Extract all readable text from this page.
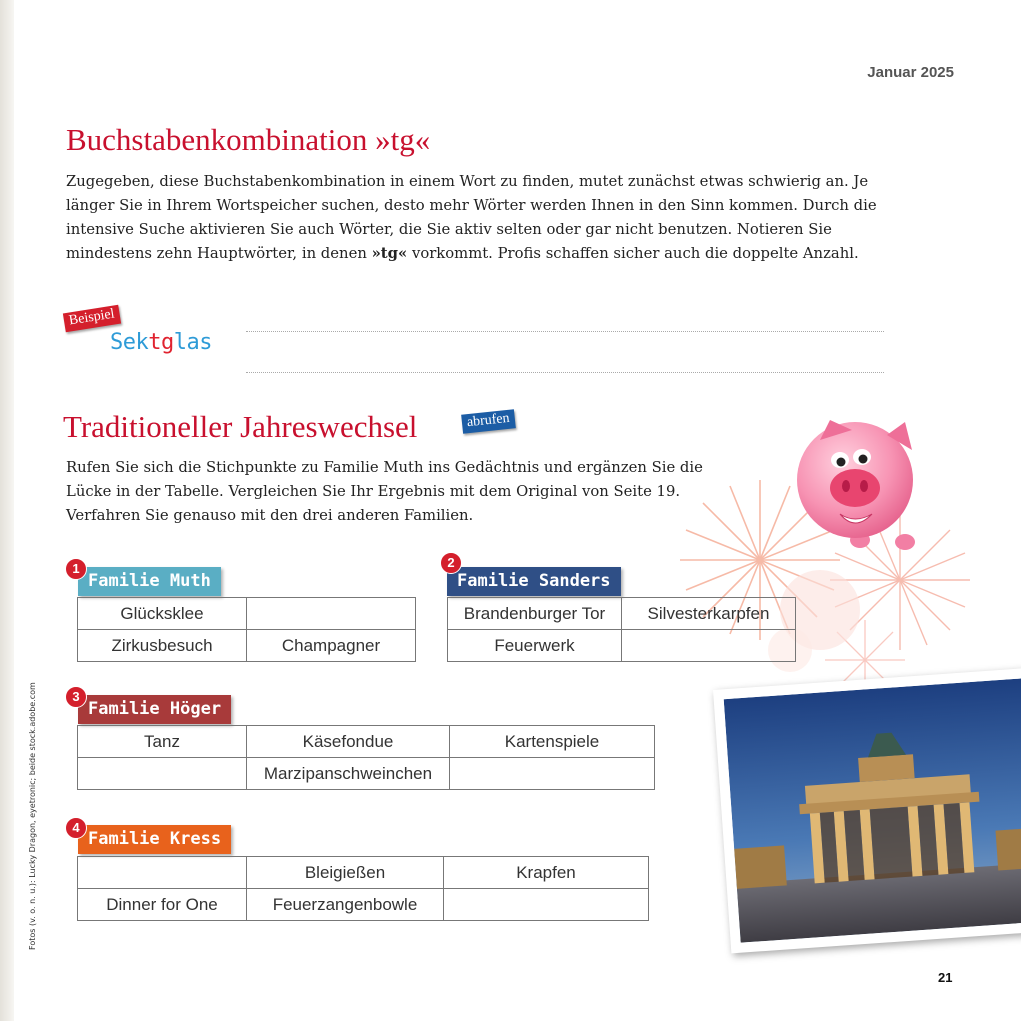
Fotos (v. o. n. u.): Lucky Dragon, eyetronic; beide stock.adobe.com
Januar 2025
Buchstabenkombination »tg«

Zugegeben, diese Buchstabenkombination in einem Wort zu finden, mutet zunächst etwas schwierig an. Je länger Sie in Ihrem Wortspeicher suchen, desto mehr Wörter werden Ihnen in den Sinn kommen. Durch die intensive Suche aktivieren Sie auch Wörter, die Sie aktiv selten oder gar nicht benutzen. Notieren Sie mindestens zehn Hauptwörter, in denen »tg« vorkommt. Profis schaffen sicher auch die doppelte Anzahl.

Beispiel
Sektglas
Traditioneller Jahreswechsel	abrufen

Rufen Sie sich die Stichpunkte zu Familie Muth ins Gedächtnis und ergänzen Sie die Lücke in der Tabelle. Vergleichen Sie Ihr Ergebnis mit dem Original von Seite 19. Verfahren Sie genauso mit den drei anderen Familien.

Familie Muth
1
Glücksklee	
Zirkusbesuch	Champagner
Familie Sanders
2
Brandenburger Tor	Silvesterkarpfen
Feuerwerk	
Familie Höger
3
Tanz	Käsefondue	Kartenspiele
	Marzipanschweinchen	
Familie Kress
4
	Bleigießen	Krapfen
Dinner for One	Feuerzangenbowle	
21
